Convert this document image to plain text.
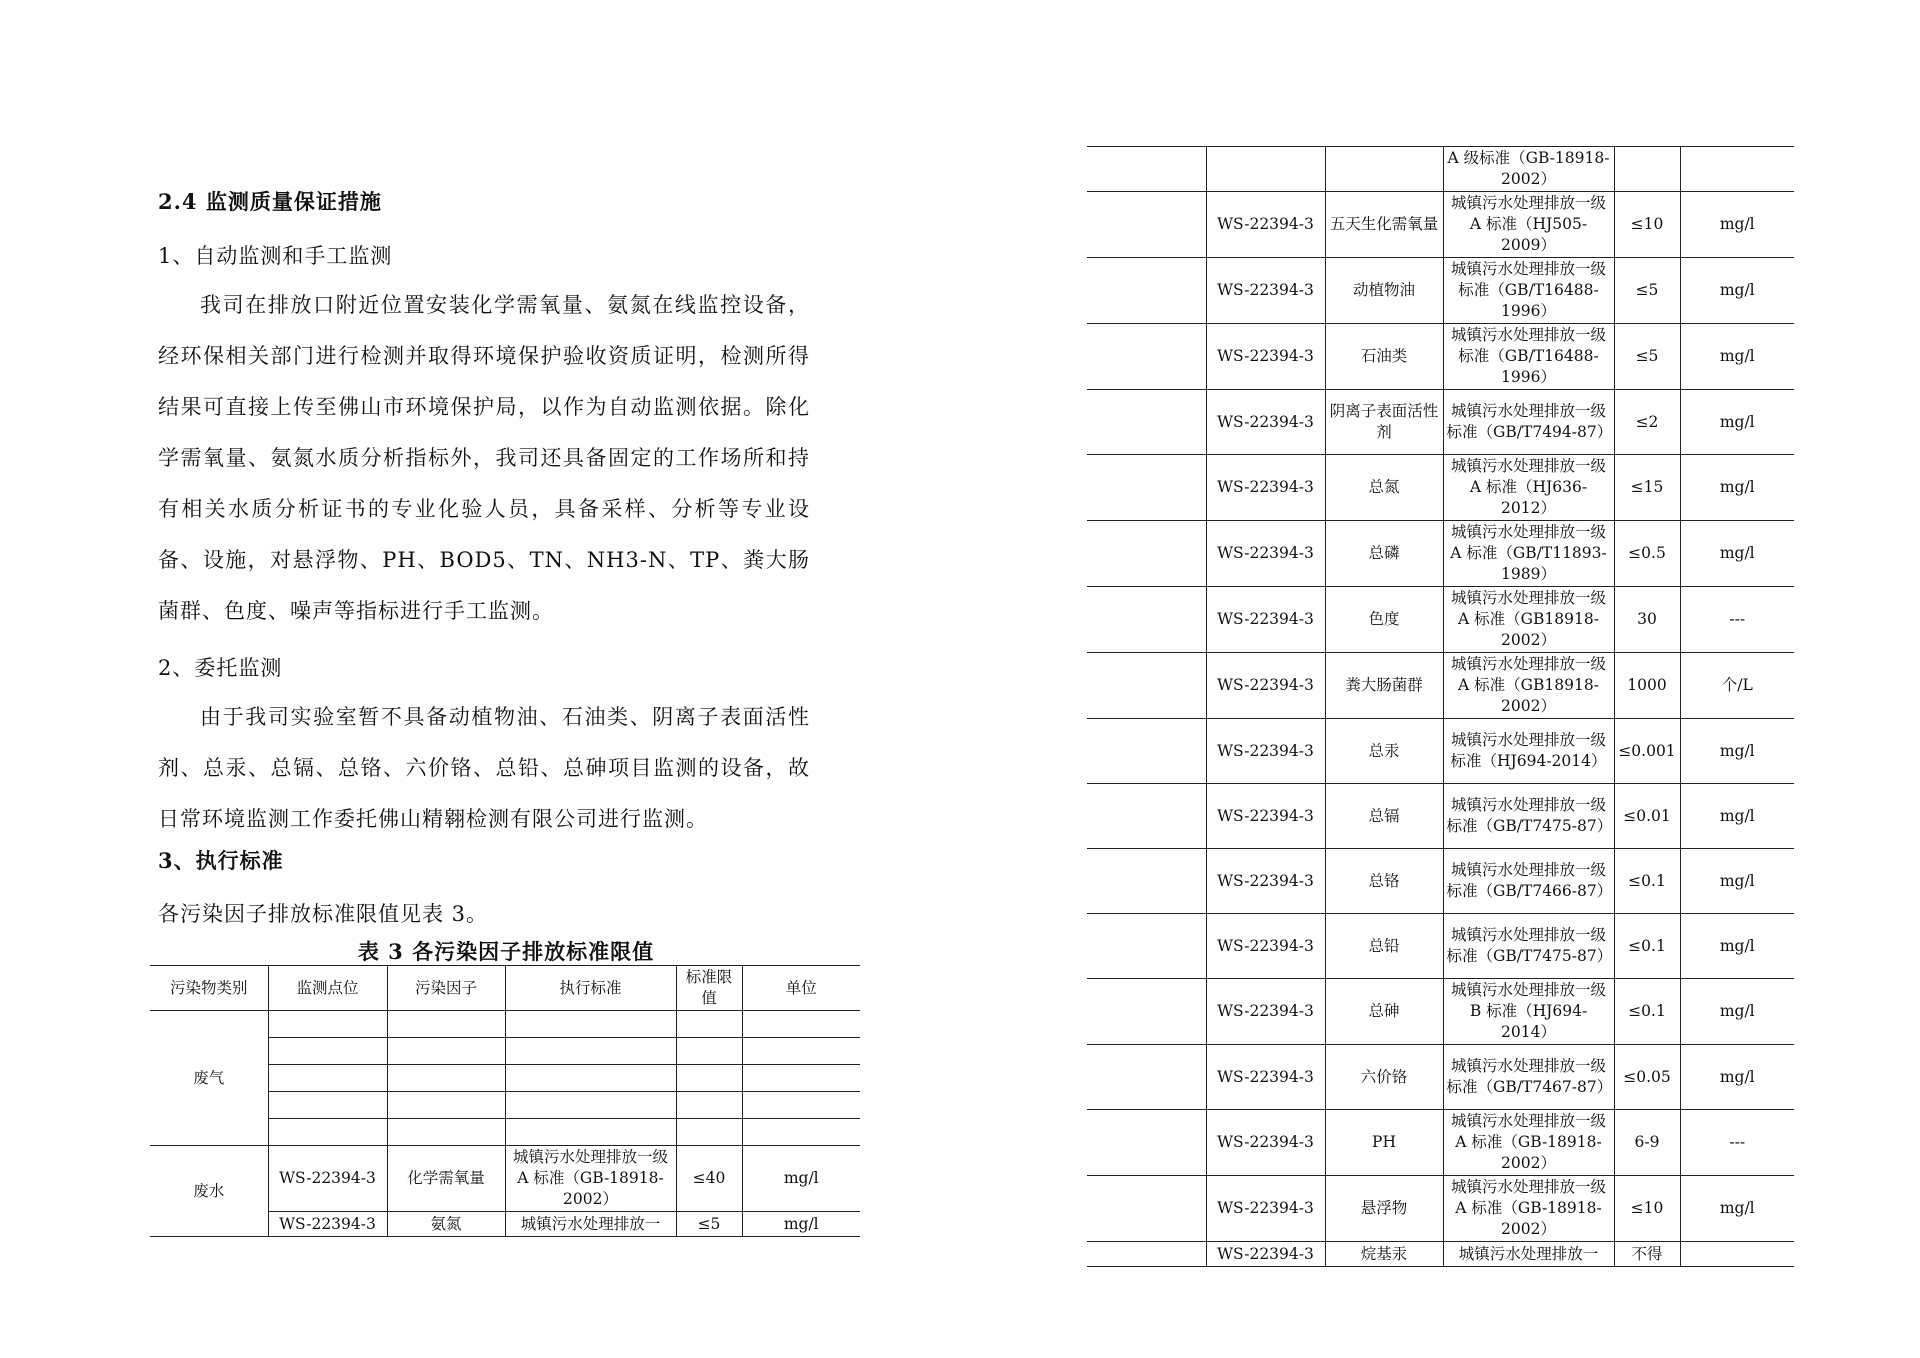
2.4 监测质量保证措施
1、自动监测和手工监测

我司在排放口附近位置安装化学需氧量、氨氮在线监控设备，经环保相关部门进行检测并取得环境保护验收资质证明，检测所得结果可直接上传至佛山市环境保护局，以作为自动监测依据。除化学需氧量、氨氮水质分析指标外，我司还具备固定的工作场所和持有相关水质分析证书的专业化验人员，具备采样、分析等专业设备、设施，对悬浮物、PH、BOD5、TN、NH3-N、TP、粪大肠菌群、色度、噪声等指标进行手工监测。

2、委托监测

由于我司实验室暂不具备动植物油、石油类、阴离子表面活性剂、总汞、总镉、总铬、六价铬、总铅、总砷项目监测的设备，故日常环境监测工作委托佛山精翱检测有限公司进行监测。

3、执行标准
各污染因子排放标准限值见表 3。
表 3 各污染因子排放标准限值
污染物类别	监测点位	污染因子	执行标准	标准限值	单位
废气					

废水	WS-22394-3	化学需氧量	城镇污水处理排放一级 A 标准（GB-18918-2002）	≤40	mg/l
	WS-22394-3	氨氮	城镇污水处理排放一	≤5	mg/l
			A 级标准（GB-18918-2002）		
	WS-22394-3	五天生化需氧量	城镇污水处理排放一级 A 标准（HJ505-2009）	≤10	mg/l
	WS-22394-3	动植物油	城镇污水处理排放一级标准（GB/T16488-1996）	≤5	mg/l
	WS-22394-3	石油类	城镇污水处理排放一级标准（GB/T16488-1996）	≤5	mg/l
	WS-22394-3	阴离子表面活性剂	城镇污水处理排放一级标准（GB/T7494-87）	≤2	mg/l
	WS-22394-3	总氮	城镇污水处理排放一级 A 标准（HJ636-2012）	≤15	mg/l
	WS-22394-3	总磷	城镇污水处理排放一级 A 标准（GB/T11893-1989）	≤0.5	mg/l
	WS-22394-3	色度	城镇污水处理排放一级 A 标准（GB18918-2002）	30	---
	WS-22394-3	粪大肠菌群	城镇污水处理排放一级 A 标准（GB18918-2002）	1000	个/L
	WS-22394-3	总汞	城镇污水处理排放一级标准（HJ694-2014）	≤0.001	mg/l
	WS-22394-3	总镉	城镇污水处理排放一级标准（GB/T7475-87）	≤0.01	mg/l
	WS-22394-3	总铬	城镇污水处理排放一级标准（GB/T7466-87）	≤0.1	mg/l
	WS-22394-3	总铅	城镇污水处理排放一级标准（GB/T7475-87）	≤0.1	mg/l
	WS-22394-3	总砷	城镇污水处理排放一级 B 标准（HJ694-2014）	≤0.1	mg/l
	WS-22394-3	六价铬	城镇污水处理排放一级标准（GB/T7467-87）	≤0.05	mg/l
	WS-22394-3	PH	城镇污水处理排放一级 A 标准（GB-18918-2002）	6-9	---
	WS-22394-3	悬浮物	城镇污水处理排放一级 A 标准（GB-18918-2002）	≤10	mg/l
	WS-22394-3	烷基汞	城镇污水处理排放一	不得	
